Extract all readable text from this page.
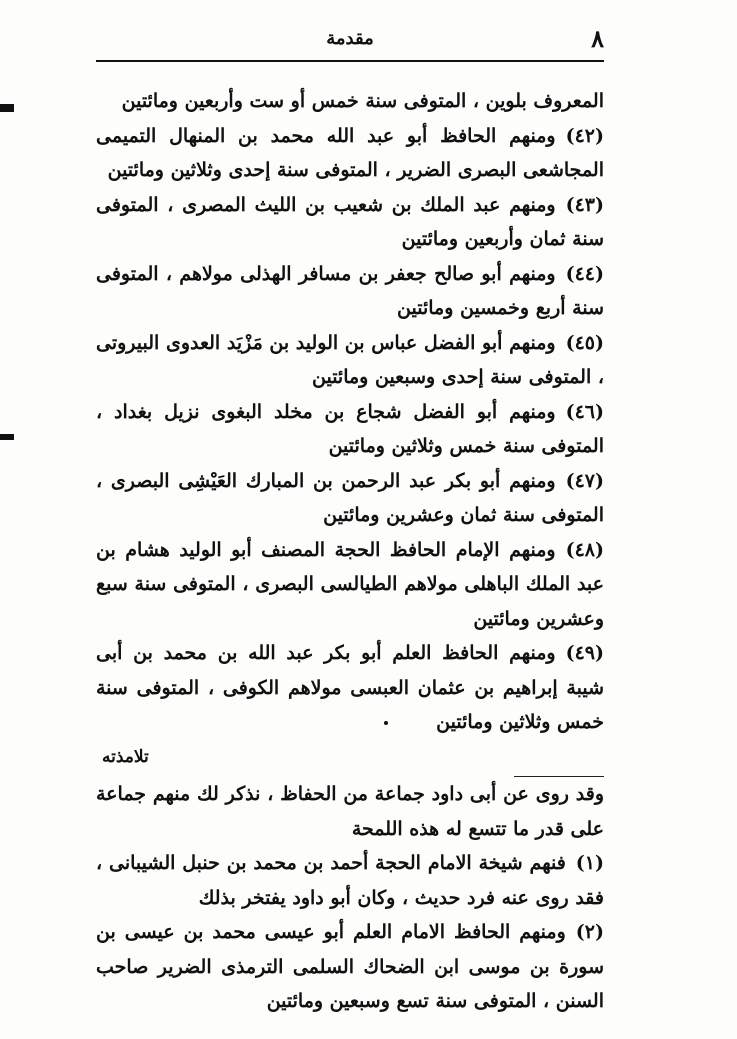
٨
مقدمة

المعروف بلوين ، المتوفى سنة خمس أو ست وأربعين ومائتين

(٤٢)ومنهم الحافظ أبو عبد الله محمد بن المنهال التميمى المجاشعى البصرى الضرير ، المتوفى سنة إحدى وثلاثين ومائتين

(٤٣)ومنهم عبد الملك بن شعيب بن الليث المصرى ، المتوفى سنة ثمان وأربعين ومائتين

(٤٤)ومنهم أبو صالح جعفر بن مسافر الهذلى مولاهم ، المتوفى سنة أربع وخمسين ومائتين

(٤٥)ومنهم أبو الفضل عباس بن الوليد بن مَزْيَد العدوى البيروتى ، المتوفى سنة إحدى وسبعين ومائتين

(٤٦)ومنهم أبو الفضل شجاع بن مخلد البغوى نزيل بغداد ، المتوفى سنة خمس وثلاثين ومائتين

(٤٧)ومنهم أبو بكر عبد الرحمن بن المبارك العَيْشِى البصرى ، المتوفى سنة ثمان وعشرين ومائتين

(٤٨)ومنهم الإمام الحافظ الحجة المصنف أبو الوليد هشام بن عبد الملك الباهلى مولاهم الطيالسى البصرى ، المتوفى سنة سبع وعشرين ومائتين

(٤٩)ومنهم الحافظ العلم أبو بكر عبد الله بن محمد بن أبى شيبة إبراهيم بن عثمان العبسى مولاهم الكوفى ، المتوفى سنة خمس وثلاثين ومائتين

تلامذته

وقد روى عن أبى داود جماعة من الحفاظ ، نذكر لك منهم جماعة على قدر ما تتسع له هذه اللمحة

(١)فنهم شيخة الامام الحجة أحمد بن محمد بن حنبل الشيبانى ، فقد روى عنه فرد حديث ، وكان أبو داود يفتخر بذلك

(٢)ومنهم الحافظ الامام العلم أبو عيسى محمد بن عيسى بن سورة بن موسى ابن الضحاك السلمى الترمذى الضرير صاحب السنن ، المتوفى سنة تسع وسبعين ومائتين
